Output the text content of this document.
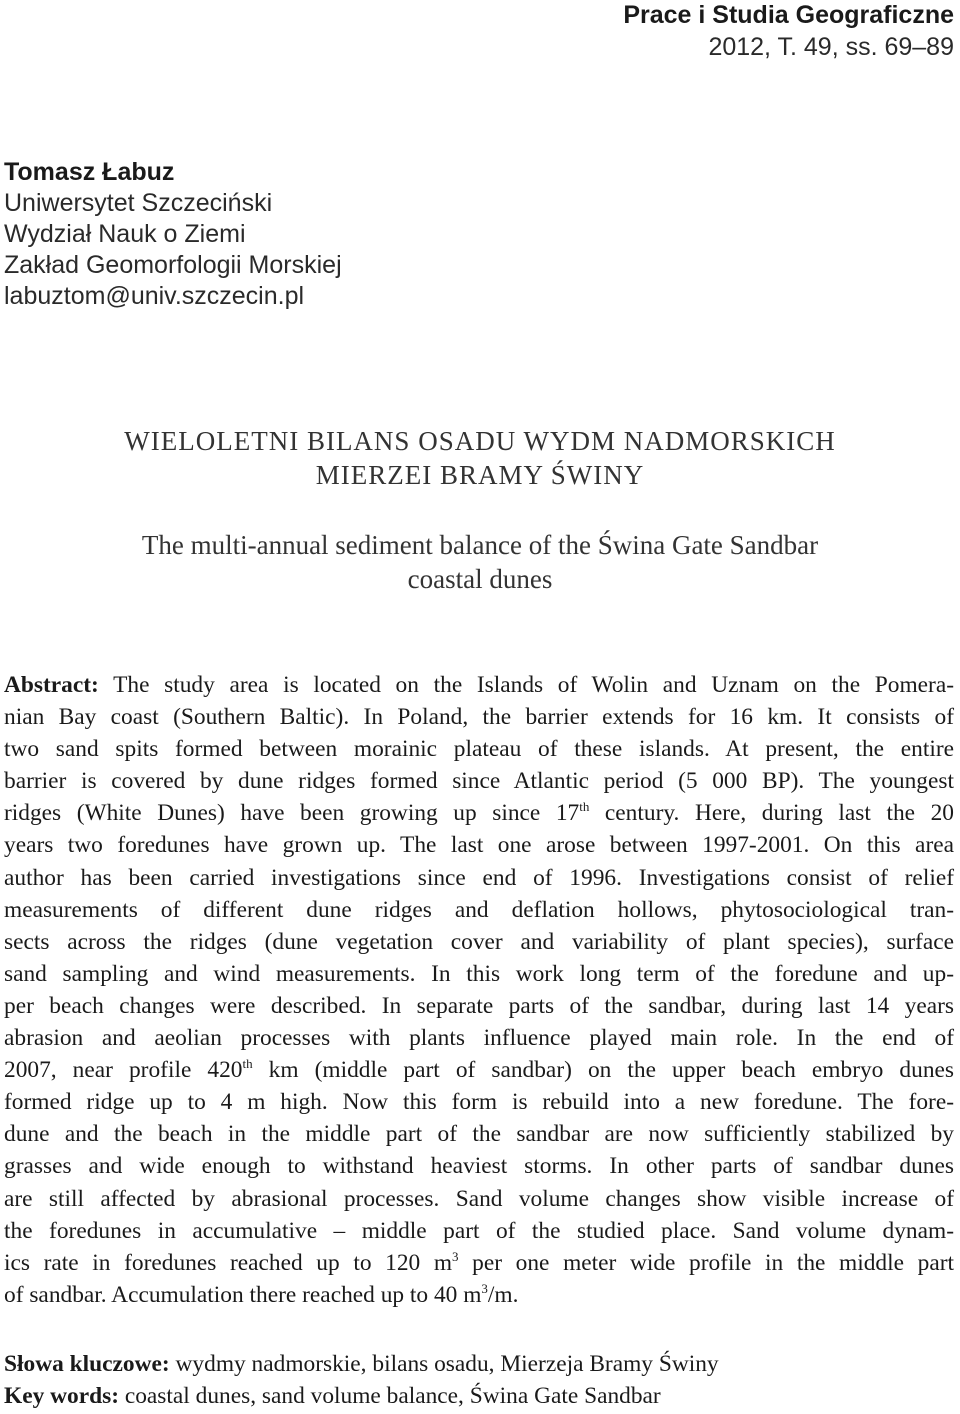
Prace i Studia Geograficzne
2012, T. 49, ss. 69–89
Tomasz Łabuz
Uniwersytet Szczeciński
Wydział Nauk o Ziemi
Zakład Geomorfologii Morskiej
labuztom@univ.szczecin.pl
WIELOLETNI BILANS OSADU WYDM NADMORSKICH
MIERZEI BRAMY ŚWINY
The multi-annual sediment balance of the Świna Gate Sandbar
coastal dunes
Abstract: The study area is located on the Islands of Wolin and Uznam on the Pomera-
nian Bay coast (Southern Baltic). In Poland, the barrier extends for 16 km. It consists of
two sand spits formed between morainic plateau of these islands. At present, the entire
barrier is covered by dune ridges formed since Atlantic period (5 000 BP). The youngest
ridges (White Dunes) have been growing up since 17th century. Here, during last the 20
years two foredunes have grown up. The last one arose between 1997-2001. On this area
author has been carried investigations since end of 1996. Investigations consist of relief
measurements of different dune ridges and deflation hollows, phytosociological tran-
sects across the ridges (dune vegetation cover and variability of plant species), surface
sand sampling and wind measurements. In this work long term of the foredune and up-
per beach changes were described. In separate parts of the sandbar, during last 14 years
abrasion and aeolian processes with plants influence played main role. In the end of
2007, near profile 420th km (middle part of sandbar) on the upper beach embryo dunes
formed ridge up to 4 m high. Now this form is rebuild into a new foredune. The fore-
dune and the beach in the middle part of the sandbar are now sufficiently stabilized by
grasses and wide enough to withstand heaviest storms. In other parts of sandbar dunes
are still affected by abrasional processes. Sand volume changes show visible increase of
the foredunes in accumulative – middle part of the studied place. Sand volume dynam-
ics rate in foredunes reached up to 120 $m^3$ per one meter wide profile in the middle part
of sandbar. Accumulation there reached up to 40 $m^3/m$.
Słowa kluczowe: wydmy nadmorskie, bilans osadu, Mierzeja Bramy Świny
Key words: coastal dunes, sand volume balance, Świna Gate Sandbar
